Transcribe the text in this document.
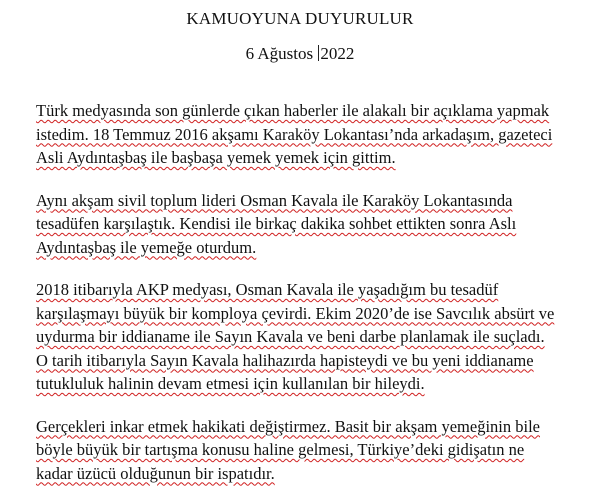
KAMUOYUNA DUYURULUR
6 Ağustos 2022
Türk medyasında son günlerde çıkan haberler ile alakalı bir açıklama yapmak
istedim. 18 Temmuz 2016 akşamı Karaköy Lokantası’nda arkadaşım, gazeteci
Asli Aydıntaşbaş ile başbaşa yemek yemek için gittim.
Aynı akşam sivil toplum lideri Osman Kavala ile Karaköy Lokantasında
tesadüfen karşılaştık. Kendisi ile birkaç dakika sohbet ettikten sonra Aslı
Aydıntaşbaş ile yemeğe oturdum.
2018 itibarıyla AKP medyası, Osman Kavala ile yaşadığım bu tesadüf
karşılaşmayı büyük bir komploya çevirdi. Ekim 2020’de ise Savcılık absürt ve
uydurma bir iddianame ile Sayın Kavala ve beni darbe planlamak ile suçladı.
O tarih itibarıyla Sayın Kavala halihazırda hapisteydi ve bu yeni iddianame
tutukluluk halinin devam etmesi için kullanılan bir hileydi.
Gerçekleri inkar etmek hakikati değiştirmez. Basit bir akşam yemeğinin bile
böyle büyük bir tartışma konusu haline gelmesi, Türkiye’deki gidişatın ne
kadar üzücü olduğunun bir ispatıdır.
